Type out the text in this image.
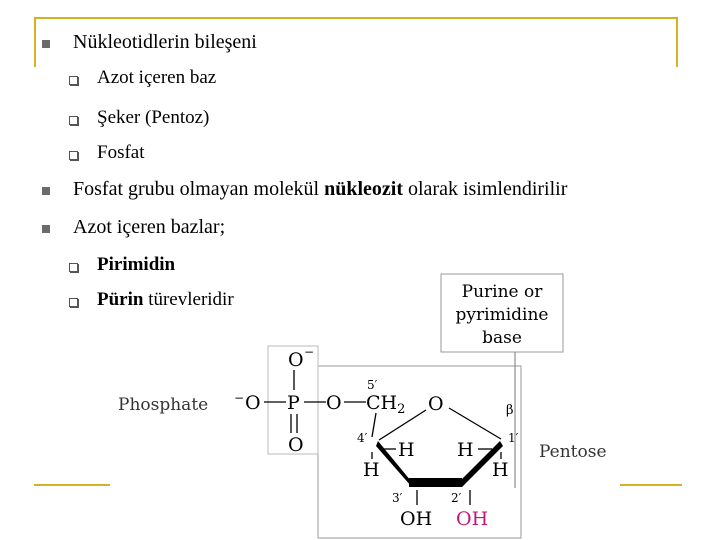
Nükleotidlerin bileşeni
Azot içeren baz
Şeker (Pentoz)
Fosfat
Fosfat grubu olmayan molekül nükleozit olarak isimlendirilir
Azot içeren bazlar;
Pirimidin
Pürin türevleridir	Purine or
pyrimidine
base
Phosphate
Pentose
O −
− O P O
O
$CH_2$
5′
O
4′	1′
β
H
H
H
H
3′	2′
OH OH
